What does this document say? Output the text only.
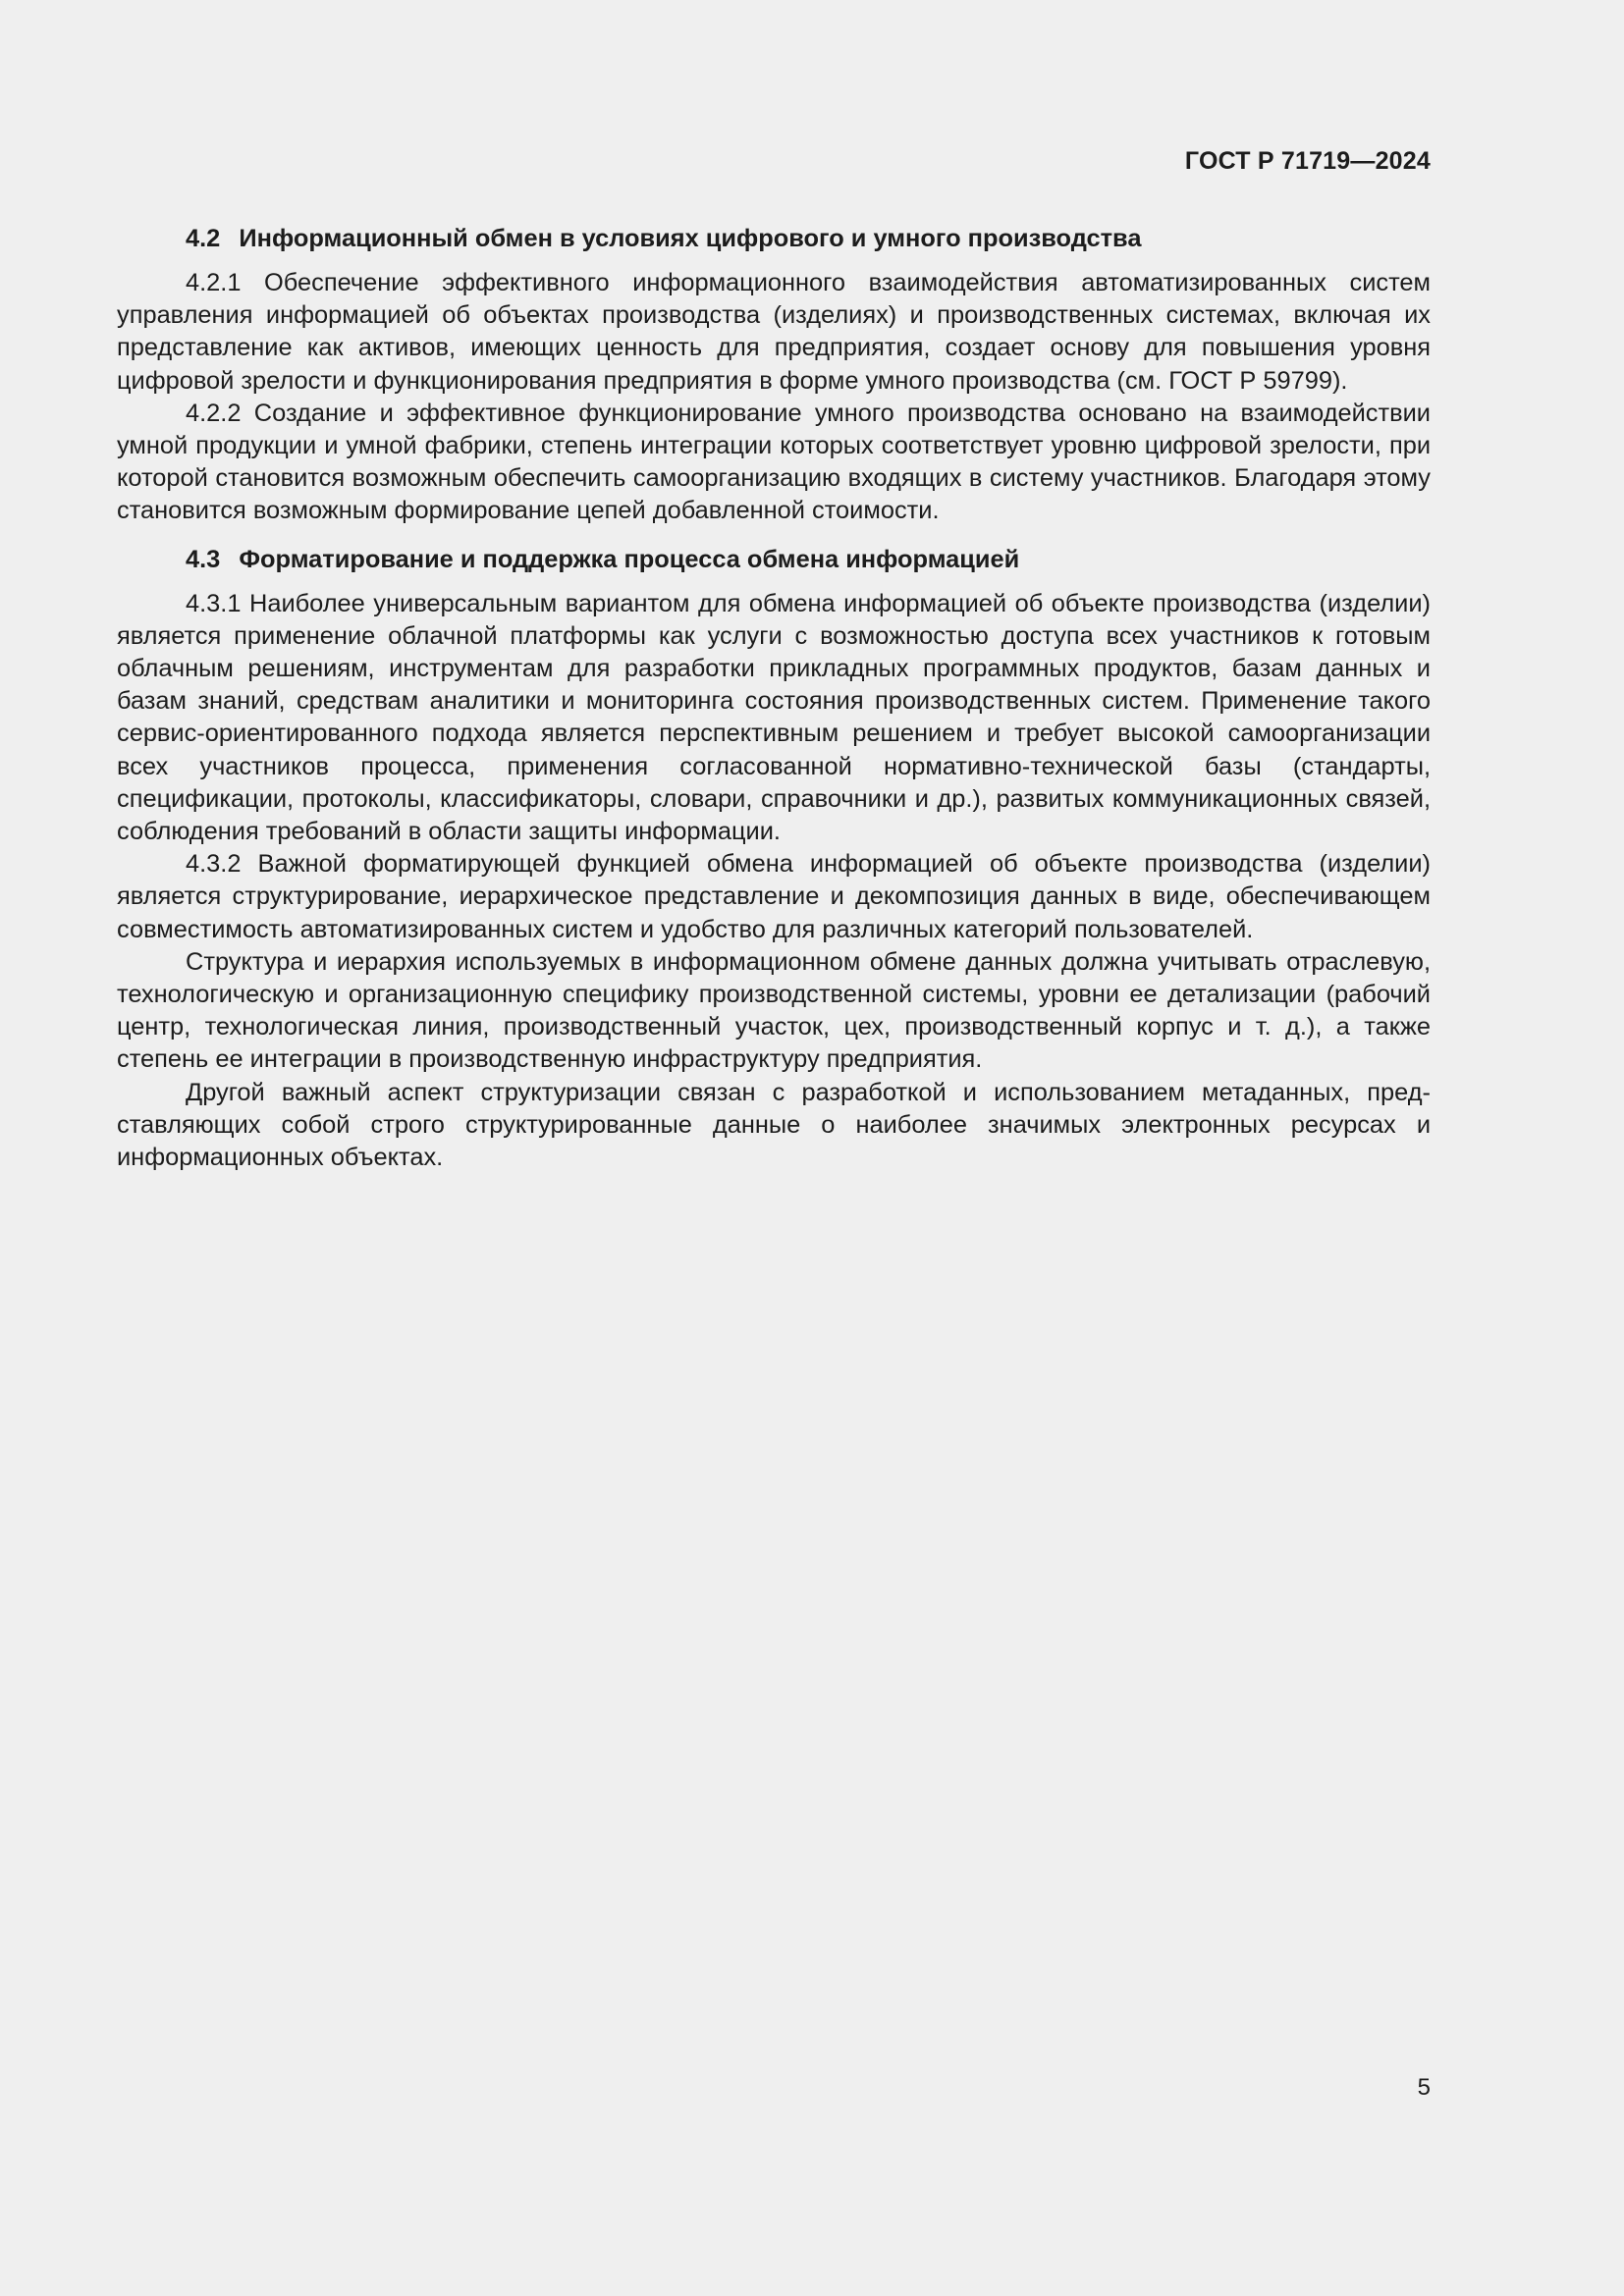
ГОСТ Р 71719—2024
4.2 Информационный обмен в условиях цифрового и умного производства

4.2.1 Обеспечение эффективного информационного взаимодействия автоматизированных систем управления информацией об объектах производства (изделиях) и производственных системах, включая их представление как активов, имеющих ценность для предприятия, создает основу для повышения уровня цифровой зрелости и функционирования предприятия в форме умного производства (см. ГОСТ Р 59799).

4.2.2 Создание и эффективное функционирование умного производства основано на взаимодействии умной продукции и умной фабрики, степень интеграции которых соответствует уровню цифровой зрелости, при которой становится возможным обеспечить самоорганизацию входящих в систему участников. Благодаря этому становится возможным формирование цепей добавленной стоимости.

4.3 Форматирование и поддержка процесса обмена информацией

4.3.1 Наиболее универсальным вариантом для обмена информацией об объекте производства (изделии) является применение облачной платформы как услуги с возможностью доступа всех участников к готовым облачным решениям, инструментам для разработки прикладных программных продуктов, базам данных и базам знаний, средствам аналитики и мониторинга состояния производственных систем. Применение такого сервис-ориентированного подхода является перспективным решением и требует высокой самоорганизации всех участников процесса, применения согласованной нормативно-технической базы (стандарты, спецификации, протоколы, классификаторы, словари, справочники и др.), развитых коммуникационных связей, соблюдения требований в области защиты информации.

4.3.2 Важной форматирующей функцией обмена информацией об объекте производства (изделии) является структурирование, иерархическое представление и декомпозиция данных в виде, обеспечивающем совместимость автоматизированных систем и удобство для различных категорий пользователей.

Структура и иерархия используемых в информационном обмене данных должна учитывать отраслевую, технологическую и организационную специфику производственной системы, уровни ее детализации (рабочий центр, технологическая линия, производственный участок, цех, производственный корпус и т. д.), а также степень ее интеграции в производственную инфраструктуру предприятия.

Другой важный аспект структуризации связан с разработкой и использованием метаданных, представляющих собой строго структурированные данные о наиболее значимых электронных ресурсах и информационных объектах.

5
